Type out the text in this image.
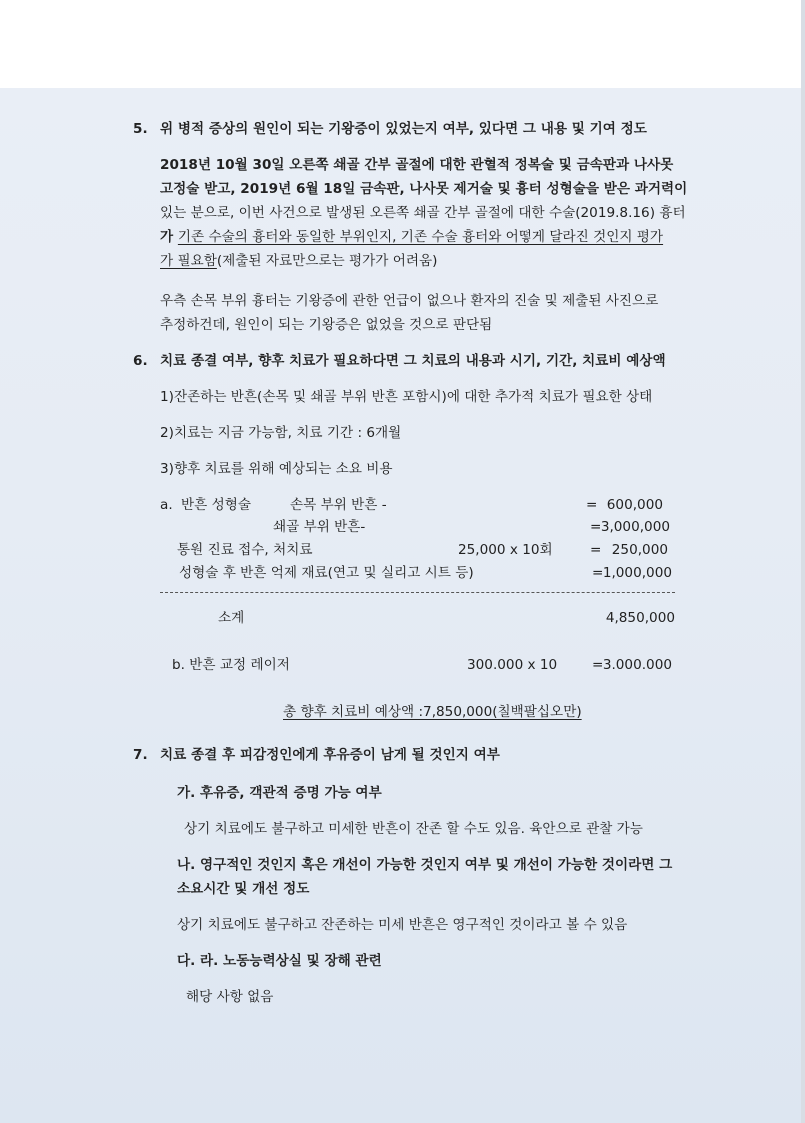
5. 위 병적 증상의 원인이 되는 기왕증이 있었는지 여부, 있다면 그 내용 및 기여 정도
2018년 10월 30일 오른쪽 쇄골 간부 골절에 대한 관혈적 정복술 및 금속판과 나사못
고정술 받고, 2019년 6월 18일 금속판, 나사못 제거술 및 흉터 성형술을 받은 과거력이
있는 분으로, 이번 사건으로 발생된 오른쪽 쇄골 간부 골절에 대한 수술(2019.8.16) 흉터
가 기존 수술의 흉터와 동일한 부위인지, 기존 수술 흉터와 어떻게 달라진 것인지 평가
가 필요함(제출된 자료만으로는 평가가 어려움)
우측 손목 부위 흉터는 기왕증에 관한 언급이 없으나 환자의 진술 및 제출된 사진으로
추정하건데, 원인이 되는 기왕증은 없었을 것으로 판단됨
6. 치료 종결 여부, 향후 치료가 필요하다면 그 치료의 내용과 시기, 기간, 치료비 예상액
1)잔존하는 반흔(손목 및 쇄골 부위 반흔 포함시)에 대한 추가적 치료가 필요한 상태
2)치료는 지금 가능함, 치료 기간 : 6개월
3)향후 치료를 위해 예상되는 소요 비용
a. 반흔 성형술	손목 부위 반흔 -	= 600,000
쇄골 부위 반흔-	= 3,000,000
통원 진료 접수, 처치료	25,000 x 10회	= 250,000
성형술 후 반흔 억제 재료(연고 및 실리고 시트 등)	= 1,000,000
소계	4,850,000
b. 반흔 교정 레이저	300.000 x 10	= 3.000.000
총 향후 치료비 예상액 :7,850,000(칠백팔십오만)
7. 치료 종결 후 피감정인에게 후유증이 남게 될 것인지 여부
가. 후유증, 객관적 증명 가능 여부
상기 치료에도 불구하고 미세한 반흔이 잔존 할 수도 있음. 육안으로 관찰 가능
나. 영구적인 것인지 혹은 개선이 가능한 것인지 여부 및 개선이 가능한 것이라면 그
소요시간 및 개선 정도
상기 치료에도 불구하고 잔존하는 미세 반흔은 영구적인 것이라고 볼 수 있음
다. 라. 노동능력상실 및 장해 관련
해당 사항 없음
